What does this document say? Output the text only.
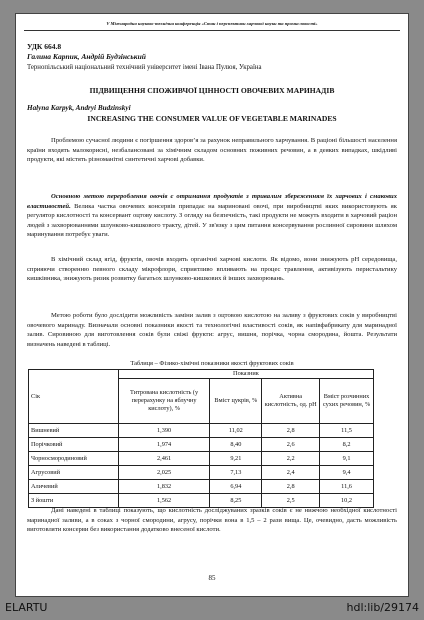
V Міжнародна науково-технічна конференція «Стан і перспективи харчової науки та промисловості»
УДК 664.8
Галина Карпик, Андрій Будзінський
Тернопільський національний технічний університет імені Івана Пулюя, Україна
ПІДВИЩЕННЯ СПОЖИВЧОЇ ЦІННОСТІ ОВОЧЕВИХ МАРИНАДІВ
Halyna Karpyk, Andryi Budzinskyi
INCREASING THE CONSUMER VALUE OF VEGETABLE MARINADES

Проблемою сучасної людини є погіршення здоров’я за рахунок неправильного харчування. В раціоні більшості населення країни входять малокорисні, незбалансовані за хімічним складом основних поживних речовин, а в деяких випадках, шкідливі продукти, які містять різноманітні синтетичні харчові добавки.

Основною метою перероблення овочів є отримання продуктів з тривалим збереженням їх харчових і смакових властивостей. Велика частка овочевих консервів припадає на мариновані овочі, при виробництві яких використовують як регулятор кислотності та консервант оцтову кислоту. З огляду на безпечність, такі продукти не можуть входити в харчовий раціон людей з захворюваннями шлунково-кишкового тракту, дітей. У зв'язку з цим питання консервування рослинної сировини шляхом маринування потребує уваги.

В хімічний склад ягід, фруктів, овочів входять органічні харчові кислоти. Як відомо, вони знижують pH середовища, сприяючи створенню певного складу мікрофлори, сприятливо впливають на процес травлення, активізують перистальтику кишківника, знижують ризик розвитку багатьох шлунково-кишкових й інших захворювань.

Метою роботи було дослідити можливість заміни залив з оцтовою кислотою на заливу з фруктових соків у виробництві овочевого маринаду. Визначали основні показники якості та технологічні властивості соків, як напівфабрикату для маринадної залив. Сировиною для виготовлення соків були свіжі фрукти: агрус, вишня, порічка, чорна смородина, йошта. Результати визначень наведені в таблиці.

Таблиця – Фізико-хімічні показники якості фруктових соків
Сік	Показник			
	Титрована кислотність (у перерахунку на яблучну кислоту), %	Вміст цукрів, %	Активна кислотність, од. pH	Вміст розчинних сухих речовин, %
Вишневий	1,390	11,02	2,8	11,5
Порічковий	1,974	8,40	2,6	8,2
Чорносмородиновий	2,461	9,21	2,2	9,1
Агрусовий	2,025	7,13	2,4	9,4
Аличевий	1,832	6,94	2,8	11,6
З йошти	1,562	8,25	2,5	10,2

Дані наведені в таблиці показують, що кислотність досліджуваних зразків соків є не нижчою необхідної кислотності маринадної заливи, а в соках з чорної смородини, агрусу, порічки вона в 1,5 – 2 рази вища. Це, очевидно, дасть можливість виготовляти консерви без використання додатково внесеної кислоти.

85
ELARTU	hdl:lib/29174
